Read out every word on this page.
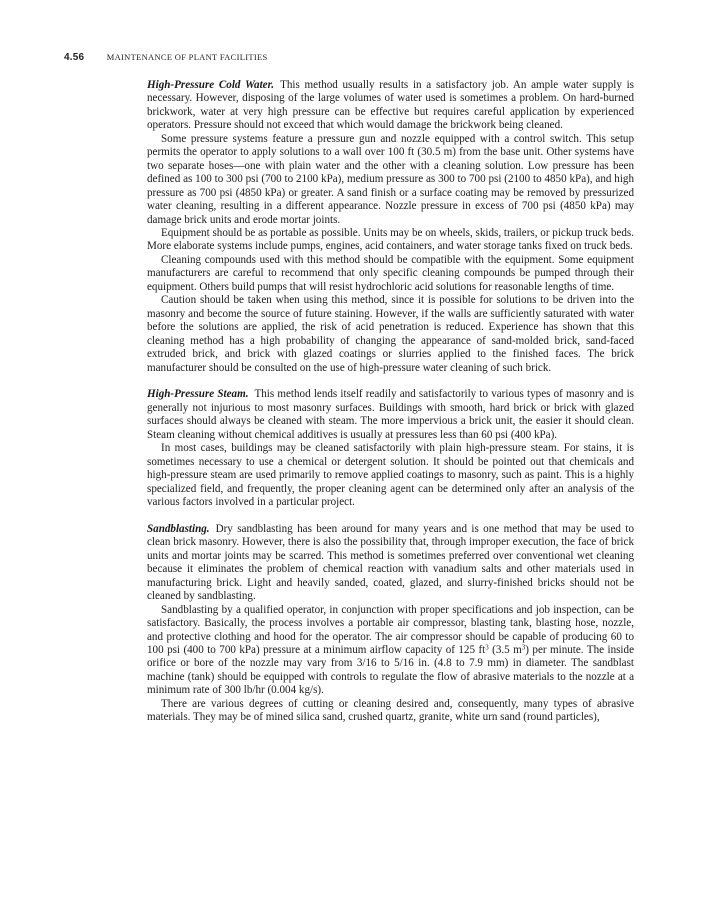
4.56	MAINTENANCE OF PLANT FACILITIES

High-Pressure Cold Water. This method usually results in a satisfactory job. An ample water supply is necessary. However, disposing of the large volumes of water used is sometimes a problem. On hard-burned brickwork, water at very high pressure can be effective but requires careful application by experienced operators. Pressure should not exceed that which would damage the brickwork being cleaned.

Some pressure systems feature a pressure gun and nozzle equipped with a control switch. This setup permits the operator to apply solutions to a wall over 100 ft (30.5 m) from the base unit. Other systems have two separate hoses—one with plain water and the other with a cleaning solution. Low pressure has been defined as 100 to 300 psi (700 to 2100 kPa), medium pressure as 300 to 700 psi (2100 to 4850 kPa), and high pressure as 700 psi (4850 kPa) or greater. A sand finish or a surface coating may be removed by pressurized water cleaning, resulting in a different appearance. Nozzle pressure in excess of 700 psi (4850 kPa) may damage brick units and erode mortar joints.

Equipment should be as portable as possible. Units may be on wheels, skids, trailers, or pickup truck beds. More elaborate systems include pumps, engines, acid containers, and water storage tanks fixed on truck beds.

Cleaning compounds used with this method should be compatible with the equipment. Some equipment manufacturers are careful to recommend that only specific cleaning compounds be pumped through their equipment. Others build pumps that will resist hydrochloric acid solutions for reasonable lengths of time.

Caution should be taken when using this method, since it is possible for solutions to be driven into the masonry and become the source of future staining. However, if the walls are sufficiently saturated with water before the solutions are applied, the risk of acid penetration is reduced. Experience has shown that this cleaning method has a high probability of changing the appearance of sand-molded brick, sand-faced extruded brick, and brick with glazed coatings or slurries applied to the finished faces. The brick manufacturer should be consulted on the use of high-pressure water cleaning of such brick.

High-Pressure Steam. This method lends itself readily and satisfactorily to various types of masonry and is generally not injurious to most masonry surfaces. Buildings with smooth, hard brick or brick with glazed surfaces should always be cleaned with steam. The more impervious a brick unit, the easier it should clean. Steam cleaning without chemical additives is usually at pressures less than 60 psi (400 kPa).

In most cases, buildings may be cleaned satisfactorily with plain high-pressure steam. For stains, it is sometimes necessary to use a chemical or detergent solution. It should be pointed out that chemicals and high-pressure steam are used primarily to remove applied coatings to masonry, such as paint. This is a highly specialized field, and frequently, the proper cleaning agent can be determined only after an analysis of the various factors involved in a particular project.

Sandblasting. Dry sandblasting has been around for many years and is one method that may be used to clean brick masonry. However, there is also the possibility that, through improper execution, the face of brick units and mortar joints may be scarred. This method is sometimes preferred over conventional wet cleaning because it eliminates the problem of chemical reaction with vanadium salts and other materials used in manufacturing brick. Light and heavily sanded, coated, glazed, and slurry-finished bricks should not be cleaned by sandblasting.

Sandblasting by a qualified operator, in conjunction with proper specifications and job inspection, can be satisfactory. Basically, the process involves a portable air compressor, blasting tank, blasting hose, nozzle, and protective clothing and hood for the operator. The air compressor should be capable of producing 60 to 100 psi (400 to 700 kPa) pressure at a minimum airflow capacity of 125 $ft^3$ (3.5 $m^3$) per minute. The inside orifice or bore of the nozzle may vary from 3/16 to 5/16 in. (4.8 to 7.9 mm) in diameter. The sandblast machine (tank) should be equipped with controls to regulate the flow of abrasive materials to the nozzle at a minimum rate of 300 lb/hr (0.004 kg/s).

There are various degrees of cutting or cleaning desired and, consequently, many types of abrasive materials. They may be of mined silica sand, crushed quartz, granite, white urn sand (round particles),
